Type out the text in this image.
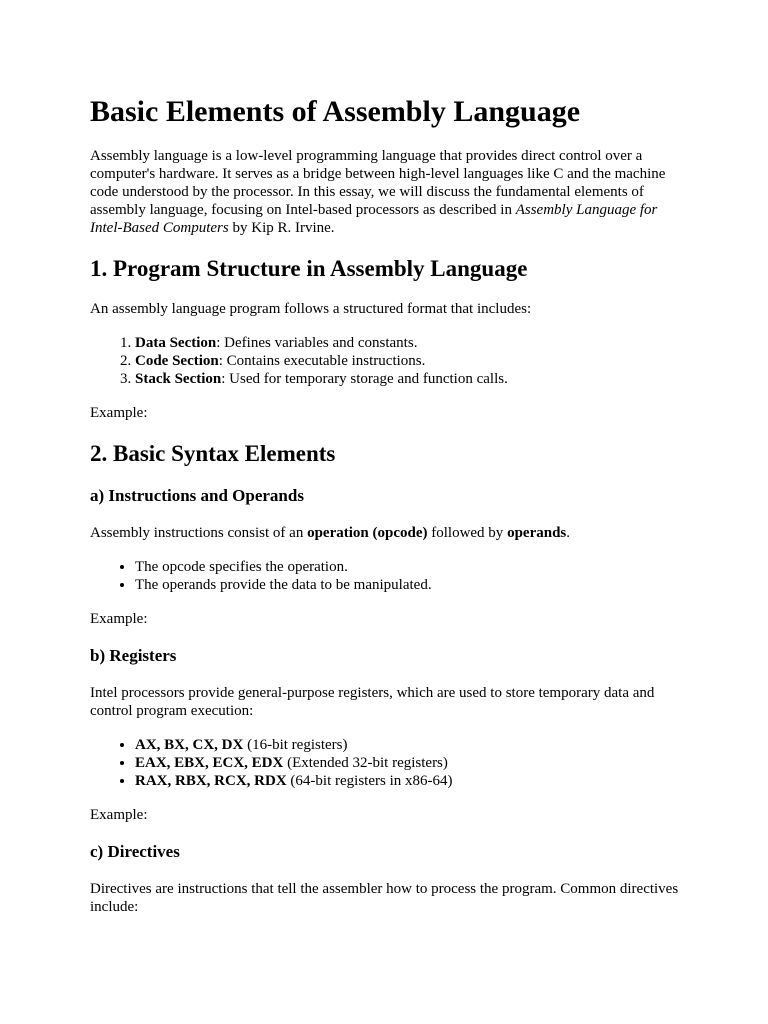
Basic Elements of Assembly Language

Assembly language is a low-level programming language that provides direct control over a computer's hardware. It serves as a bridge between high-level languages like C and the machine code understood by the processor. In this essay, we will discuss the fundamental elements of assembly language, focusing on Intel-based processors as described in Assembly Language for Intel-Based Computers by Kip R. Irvine.

1. Program Structure in Assembly Language

An assembly language program follows a structured format that includes:

1. Data Section: Defines variables and constants.
2. Code Section: Contains executable instructions.
3. Stack Section: Used for temporary storage and function calls.

Example:

2. Basic Syntax Elements
a) Instructions and Operands

Assembly instructions consist of an operation (opcode) followed by operands.

• The opcode specifies the operation.
• The operands provide the data to be manipulated.

Example:

b) Registers

Intel processors provide general-purpose registers, which are used to store temporary data and control program execution:

• AX, BX, CX, DX (16-bit registers)
• EAX, EBX, ECX, EDX (Extended 32-bit registers)
• RAX, RBX, RCX, RDX (64-bit registers in x86-64)

Example:

c) Directives

Directives are instructions that tell the assembler how to process the program. Common directives include:
